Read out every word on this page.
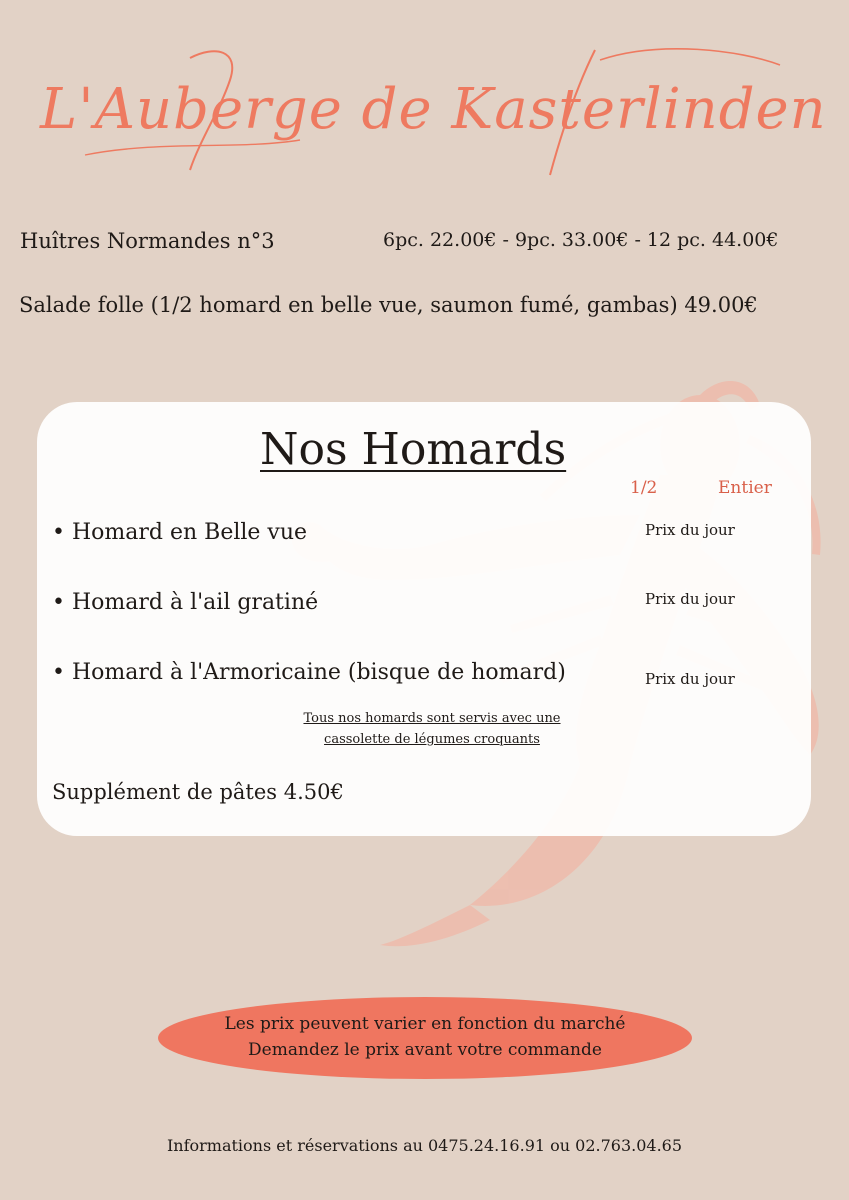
L'Auberge de Kasterlinden
Huîtres Normandes n°3	6pc. 22.00€ - 9pc. 33.00€ - 12 pc. 44.00€
Salade folle (1/2 homard en belle vue, saumon fumé, gambas) 49.00€
Nos Homards
1/2	Entier
• Homard en Belle vue	Prix du jour
• Homard à l'ail gratiné	Prix du jour
• Homard à l'Armoricaine (bisque de homard)	Prix du jour
Tous nos homards sont servis avec une
cassolette de légumes croquants
Supplément de pâtes 4.50€
Les prix peuvent varier en fonction du marché
Demandez le prix avant votre commande
Informations et réservations au 0475.24.16.91 ou 02.763.04.65
